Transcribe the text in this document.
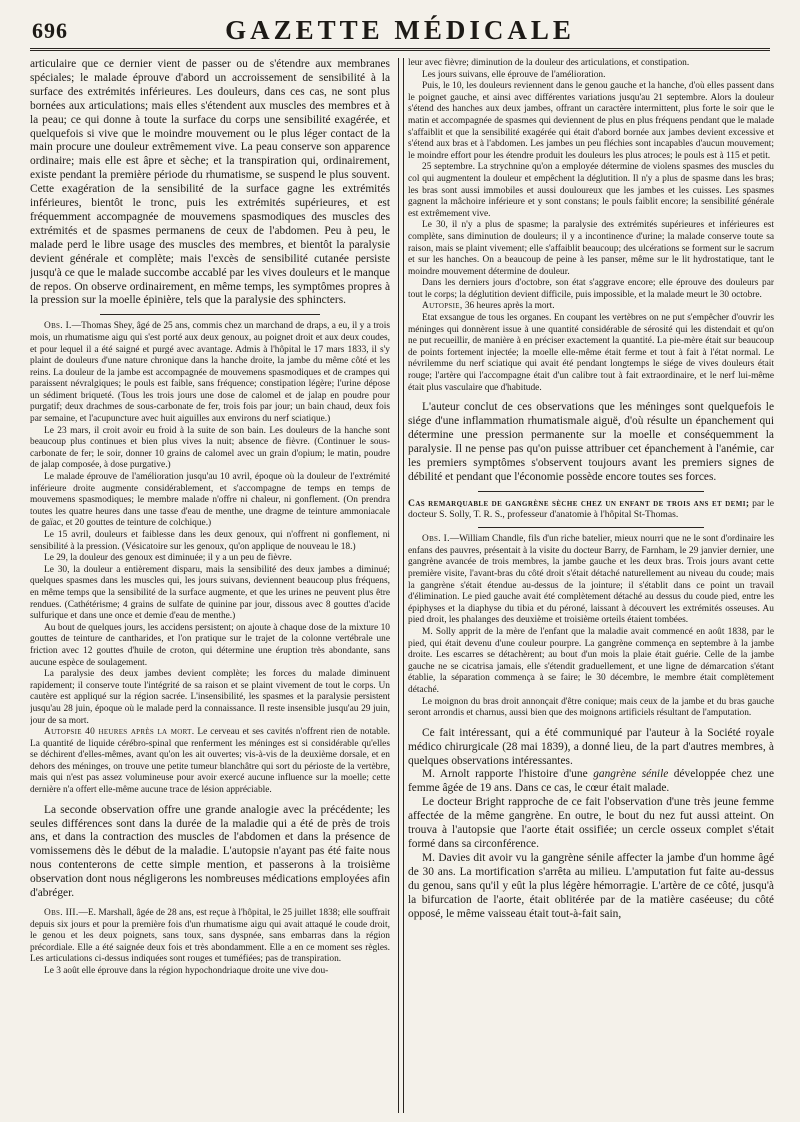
696	GAZETTE MÉDICALE

articulaire que ce dernier vient de passer ou de s'étendre aux membranes spéciales; le malade éprouve d'abord un accroissement de sensibilité à la surface des extrémités inférieures. Les douleurs, dans ces cas, ne sont plus bornées aux articulations; mais elles s'étendent aux muscles des membres et à la peau; ce qui donne à toute la surface du corps une sensibilité exagérée, et quelquefois si vive que le moindre mouvement ou le plus léger contact de la main procure une douleur extrêmement vive. La peau conserve son apparence ordinaire; mais elle est âpre et sèche; et la transpiration qui, ordinairement, existe pendant la première période du rhumatisme, se suspend le plus souvent. Cette exagération de la sensibilité de la surface gagne les extrémités inférieures, bientôt le tronc, puis les extrémités supérieures, et est fréquemment accompagnée de mouvemens spasmodiques des muscles des extrémités et de spasmes permanens de ceux de l'abdomen. Peu à peu, le malade perd le libre usage des muscles des membres, et bientôt la paralysie devient générale et complète; mais l'excès de sensibilité cutanée persiste jusqu'à ce que le malade succombe accablé par les vives douleurs et le manque de repos. On observe ordinairement, en même temps, les symptômes propres à la pression sur la moelle épinière, tels que la paralysie des sphincters.

Obs. I.—Thomas Shey, âgé de 25 ans, commis chez un marchand de draps, a eu, il y a trois mois, un rhumatisme aigu qui s'est porté aux deux genoux, au poignet droit et aux deux coudes, et pour lequel il a été saigné et purgé avec avantage. Admis à l'hôpital le 17 mars 1833, il s'y plaint de douleurs d'une nature chronique dans la hanche droite, la jambe du même côté et les reins. La douleur de la jambe est accompagnée de mouvemens spasmodiques et de crampes qui paraissent névralgiques; le pouls est faible, sans fréquence; constipation légère; l'urine dépose un sédiment briqueté. (Tous les trois jours une dose de calomel et de jalap en poudre pour purgatif; deux drachmes de sous-carbonate de fer, trois fois par jour; un bain chaud, deux fois par semaine, et l'acupuncture avec huit aiguilles aux environs du nerf sciatique.)

Le 23 mars, il croit avoir eu froid à la suite de son bain. Les douleurs de la hanche sont beaucoup plus continues et bien plus vives la nuit; absence de fièvre. (Continuer le sous-carbonate de fer; le soir, donner 10 grains de calomel avec un grain d'opium; le matin, poudre de jalap composée, à dose purgative.)

Le malade éprouve de l'amélioration jusqu'au 10 avril, époque où la douleur de l'extrémité inférieure droite augmente considérablement, et s'accompagne de temps en temps de mouvemens spasmodiques; le membre malade n'offre ni chaleur, ni gonflement. (On prendra toutes les quatre heures dans une tasse d'eau de menthe, une dragme de teinture ammoniacale de gaïac, et 20 gouttes de teinture de colchique.)

Le 15 avril, douleurs et faiblesse dans les deux genoux, qui n'offrent ni gonflement, ni sensibilité à la pression. (Vésicatoire sur les genoux, qu'on applique de nouveau le 18.)

Le 29, la douleur des genoux est diminuée; il y a un peu de fièvre.

Le 30, la douleur a entièrement disparu, mais la sensibilité des deux jambes a diminué; quelques spasmes dans les muscles qui, les jours suivans, deviennent beaucoup plus fréquens, en même temps que la sensibilité de la surface augmente, et que les urines ne peuvent plus être rendues. (Cathétérisme; 4 grains de sulfate de quinine par jour, dissous avec 8 gouttes d'acide sulfurique et dans une once et demie d'eau de menthe.)

Au bout de quelques jours, les accidens persistent; on ajoute à chaque dose de la mixture 10 gouttes de teinture de cantharides, et l'on pratique sur le trajet de la colonne vertébrale une friction avec 12 gouttes d'huile de croton, qui détermine une éruption très abondante, sans aucune espèce de soulagement.

La paralysie des deux jambes devient complète; les forces du malade diminuent rapidement; il conserve toute l'intégrité de sa raison et se plaint vivement de tout le corps. Un cautère est appliqué sur la région sacrée. L'insensibilité, les spasmes et la paralysie persistent jusqu'au 28 juin, époque où le malade perd la connaissance. Il reste insensible jusqu'au 29 juin, jour de sa mort.

Autopsie 40 heures après la mort. Le cerveau et ses cavités n'offrent rien de notable. La quantité de liquide cérébro-spinal que renferment les méninges est si considérable qu'elles se déchirent d'elles-mêmes, avant qu'on les ait ouvertes; vis-à-vis de la deuxième dorsale, et en dehors des méninges, on trouve une petite tumeur blanchâtre qui sort du périoste de la vertèbre, mais qui n'est pas assez volumineuse pour avoir exercé aucune influence sur la moelle; cette dernière n'a offert elle-même aucune trace de lésion appréciable.

La seconde observation offre une grande analogie avec la précédente; les seules différences sont dans la durée de la maladie qui a été de près de trois ans, et dans la contraction des muscles de l'abdomen et dans la présence de vomissemens dès le début de la maladie. L'autopsie n'ayant pas été faite nous nous contenterons de cette simple mention, et passerons à la troisième observation dont nous négligerons les nombreuses médications employées afin d'abréger.

Obs. III.—E. Marshall, âgée de 28 ans, est reçue à l'hôpital, le 25 juillet 1838; elle souffrait depuis six jours et pour la première fois d'un rhumatisme aigu qui avait attaqué le coude droit, le genou et les deux poignets, sans toux, sans dyspnée, sans embarras dans la région précordiale. Elle a été saignée deux fois et très abondamment. Elle a en ce moment ses règles. Les articulations ci-dessus indiquées sont rouges et tuméfiées; pas de transpiration.

Le 3 août elle éprouve dans la région hypochondriaque droite une vive dou-

leur avec fièvre; diminution de la douleur des articulations, et constipation.

Les jours suivans, elle éprouve de l'amélioration.

Puis, le 10, les douleurs reviennent dans le genou gauche et la hanche, d'où elles passent dans le poignet gauche, et ainsi avec différentes variations jusqu'au 21 septembre. Alors la douleur s'étend des hanches aux deux jambes, offrant un caractère intermittent, plus forte le soir que le matin et accompagnée de spasmes qui deviennent de plus en plus fréquens pendant que le malade s'affaiblit et que la sensibilité exagérée qui était d'abord bornée aux jambes devient excessive et s'étend aux bras et à l'abdomen. Les jambes un peu fléchies sont incapables d'aucun mouvement; le moindre effort pour les étendre produit les douleurs les plus atroces; le pouls est à 115 et petit.

25 septembre. La strychnine qu'on a employée détermine de violens spasmes des muscles du col qui augmentent la douleur et empêchent la déglutition. Il n'y a plus de spasme dans les bras; les bras sont aussi immobiles et aussi douloureux que les jambes et les cuisses. Les spasmes gagnent la mâchoire inférieure et y sont constans; le pouls faiblit encore; la sensibilité générale est extrêmement vive.

Le 30, il n'y a plus de spasme; la paralysie des extrémités supérieures et inférieures est complète, sans diminution de douleurs; il y a incontinence d'urine; la malade conserve toute sa raison, mais se plaint vivement; elle s'affaiblit beaucoup; des ulcérations se forment sur le sacrum et sur les hanches. On a beaucoup de peine à les panser, même sur le lit hydrostatique, tant le moindre mouvement détermine de douleur.

Dans les derniers jours d'octobre, son état s'aggrave encore; elle éprouve des douleurs par tout le corps; la déglutition devient difficile, puis impossible, et la malade meurt le 30 octobre.

Autopsie, 36 heures après la mort.

Etat exsangue de tous les organes. En coupant les vertèbres on ne put s'empêcher d'ouvrir les méninges qui donnèrent issue à une quantité considérable de sérosité qui les distendait et qu'on ne put recueillir, de manière à en préciser exactement la quantité. La pie-mère était sur beaucoup de points fortement injectée; la moelle elle-même était ferme et tout à fait à l'état normal. Le névrilemme du nerf sciatique qui avait été pendant longtemps le siége de vives douleurs était rouge; l'artère qui l'accompagne était d'un calibre tout à fait extraordinaire, et le nerf lui-même était plus vasculaire que d'habitude.

L'auteur conclut de ces observations que les méninges sont quelquefois le siége d'une inflammation rhumatismale aiguë, d'où résulte un épanchement qui détermine une pression permanente sur la moelle et conséquemment la paralysie. Il ne pense pas qu'on puisse attribuer cet épanchement à l'anémie, car les premiers symptômes s'observent toujours avant les premiers signes de débilité et pendant que l'économie possède encore toutes ses forces.

Cas remarquable de gangrène sèche chez un enfant de trois ans et demi; par le docteur S. Solly, T. R. S., professeur d'anatomie à l'hôpital St-Thomas.

Obs. I.—William Chandle, fils d'un riche batelier, mieux nourri que ne le sont d'ordinaire les enfans des pauvres, présentait à la visite du docteur Barry, de Farnham, le 29 janvier dernier, une gangrène avancée de trois membres, la jambe gauche et les deux bras. Trois jours avant cette première visite, l'avant-bras du côté droit s'était détaché naturellement au niveau du coude; mais la gangrène s'était étendue au-dessus de la jointure; il s'établit dans ce point un travail d'élimination. Le pied gauche avait été complètement détaché au dessus du coude pied, entre les épiphyses et la diaphyse du tibia et du péroné, laissant à découvert les extrémités osseuses. Au pied droit, les phalanges des deuxième et troisième orteils étaient tombées.

M. Solly apprit de la mère de l'enfant que la maladie avait commencé en août 1838, par le pied, qui était devenu d'une couleur pourpre. La gangrène commença en septembre à la jambe droite. Les escarres se détachèrent; au bout d'un mois la plaie était guérie. Celle de la jambe gauche ne se cicatrisa jamais, elle s'étendit graduellement, et une ligne de démarcation s'étant établie, la séparation commença à se faire; le 30 décembre, le membre était complètement détaché.

Le moignon du bras droit annonçait d'être conique; mais ceux de la jambe et du bras gauche seront arrondis et charnus, aussi bien que des moignons artificiels résultant de l'amputation.

Ce fait intéressant, qui a été communiqué par l'auteur à la Société royale médico chirurgicale (28 mai 1839), a donné lieu, de la part d'autres membres, à quelques observations intéressantes.

M. Arnolt rapporte l'histoire d'une gangrène sénile développée chez une femme âgée de 19 ans. Dans ce cas, le cœur était malade.

Le docteur Bright rapproche de ce fait l'observation d'une très jeune femme affectée de la même gangrène. En outre, le bout du nez fut aussi atteint. On trouva à l'autopsie que l'aorte était ossifiée; un cercle osseux complet s'était formé dans sa circonférence.

M. Davies dit avoir vu la gangrène sénile affecter la jambe d'un homme âgé de 30 ans. La mortification s'arrêta au milieu. L'amputation fut faite au-dessus du genou, sans qu'il y eût la plus légère hémorragie. L'artère de ce côté, jusqu'à la bifurcation de l'aorte, était oblitérée par de la matière caséeuse; du côté opposé, le même vaisseau était tout-à-fait sain,
